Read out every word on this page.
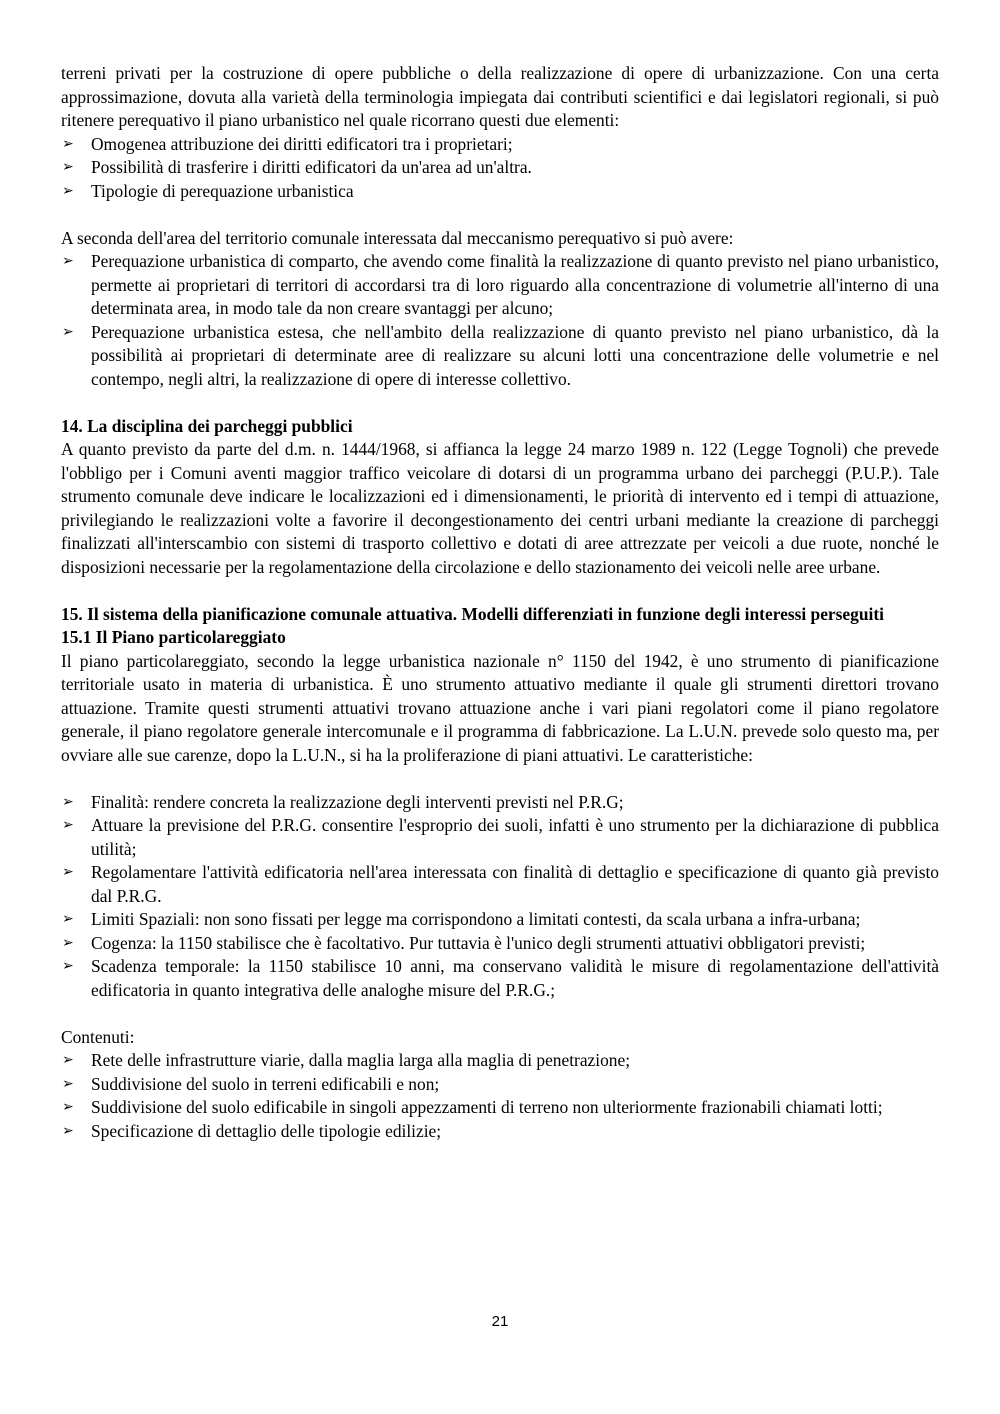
terreni privati per la costruzione di opere pubbliche o della realizzazione di opere di urbanizzazione. Con una certa approssimazione, dovuta alla varietà della terminologia impiegata dai contributi scientifici e dai legislatori regionali, si può ritenere perequativo il piano urbanistico nel quale ricorrano questi due elementi:

➢ Omogenea attribuzione dei diritti edificatori tra i proprietari;
➢ Possibilità di trasferire i diritti edificatori da un'area ad un'altra.
➢ Tipologie di perequazione urbanistica

A seconda dell'area del territorio comunale interessata dal meccanismo perequativo si può avere:

➢ Perequazione urbanistica di comparto, che avendo come finalità la realizzazione di quanto previsto nel piano urbanistico, permette ai proprietari di territori di accordarsi tra di loro riguardo alla concentrazione di volumetrie all'interno di una determinata area, in modo tale da non creare svantaggi per alcuno;
➢ Perequazione urbanistica estesa, che nell'ambito della realizzazione di quanto previsto nel piano urbanistico, dà la possibilità ai proprietari di determinate aree di realizzare su alcuni lotti una concentrazione delle volumetrie e nel contempo, negli altri, la realizzazione di opere di interesse collettivo.
14. La disciplina dei parcheggi pubblici

A quanto previsto da parte del d.m. n. 1444/1968, si affianca la legge 24 marzo 1989 n. 122 (Legge Tognoli) che prevede l'obbligo per i Comuni aventi maggior traffico veicolare di dotarsi di un programma urbano dei parcheggi (P.U.P.). Tale strumento comunale deve indicare le localizzazioni ed i dimensionamenti, le priorità di intervento ed i tempi di attuazione, privilegiando le realizzazioni volte a favorire il decongestionamento dei centri urbani mediante la creazione di parcheggi finalizzati all'interscambio con sistemi di trasporto collettivo e dotati di aree attrezzate per veicoli a due ruote, nonché le disposizioni necessarie per la regolamentazione della circolazione e dello stazionamento dei veicoli nelle aree urbane.

15. Il sistema della pianificazione comunale attuativa. Modelli differenziati in funzione degli interessi perseguiti
15.1 Il Piano particolareggiato

Il piano particolareggiato, secondo la legge urbanistica nazionale n° 1150 del 1942, è uno strumento di pianificazione territoriale usato in materia di urbanistica. È uno strumento attuativo mediante il quale gli strumenti direttori trovano attuazione. Tramite questi strumenti attuativi trovano attuazione anche i vari piani regolatori come il piano regolatore generale, il piano regolatore generale intercomunale e il programma di fabbricazione. La L.U.N. prevede solo questo ma, per ovviare alle sue carenze, dopo la L.U.N., si ha la proliferazione di piani attuativi. Le caratteristiche:

➢ Finalità: rendere concreta la realizzazione degli interventi previsti nel P.R.G;
➢ Attuare la previsione del P.R.G. consentire l'esproprio dei suoli, infatti è uno strumento per la dichiarazione di pubblica utilità;
➢ Regolamentare l'attività edificatoria nell'area interessata con finalità di dettaglio e specificazione di quanto già previsto dal P.R.G.
➢ Limiti Spaziali: non sono fissati per legge ma corrispondono a limitati contesti, da scala urbana a infra-urbana;
➢ Cogenza: la 1150 stabilisce che è facoltativo. Pur tuttavia è l'unico degli strumenti attuativi obbligatori previsti;
➢ Scadenza temporale: la 1150 stabilisce 10 anni, ma conservano validità le misure di regolamentazione dell'attività edificatoria in quanto integrativa delle analoghe misure del P.R.G.;

Contenuti:

➢ Rete delle infrastrutture viarie, dalla maglia larga alla maglia di penetrazione;
➢ Suddivisione del suolo in terreni edificabili e non;
➢ Suddivisione del suolo edificabile in singoli appezzamenti di terreno non ulteriormente frazionabili chiamati lotti;
➢ Specificazione di dettaglio delle tipologie edilizie;
21
